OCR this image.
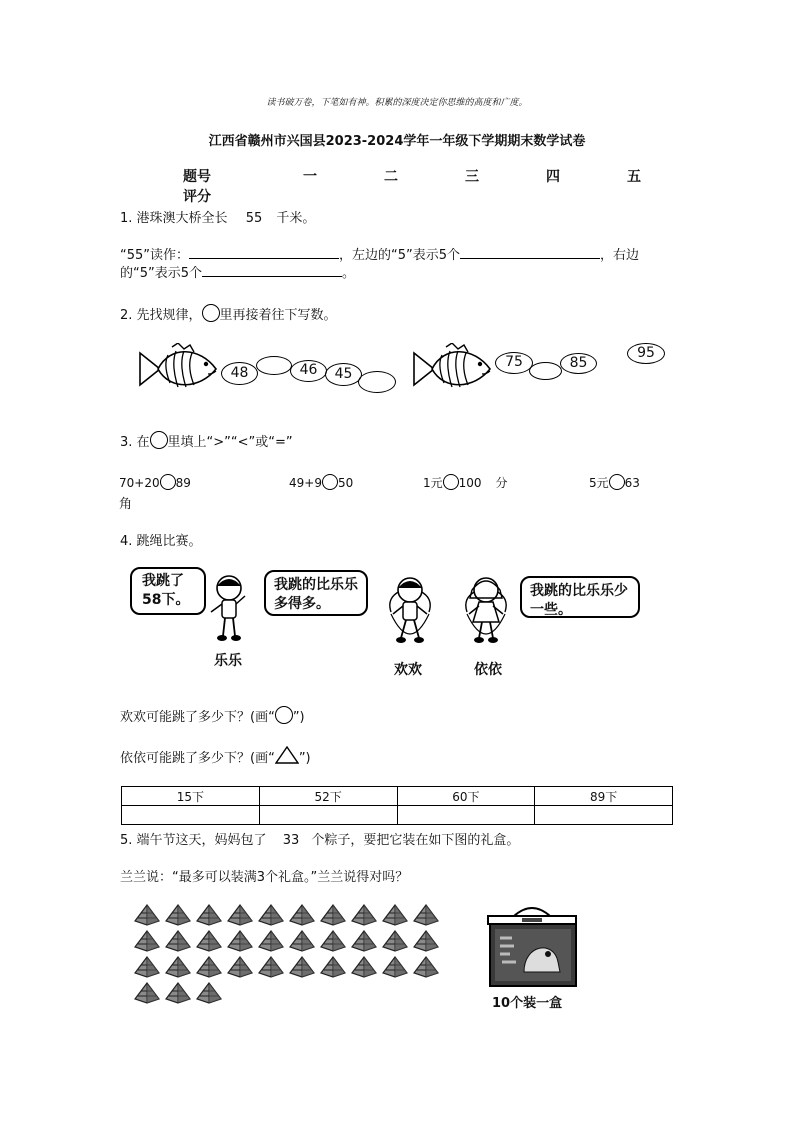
读书破万卷，下笔如有神。积累的深度决定你思维的高度和广度。
江西省赣州市兴国县2023-2024学年一年级下学期期末数学试卷
题号	一	二	三	四	五
评分
1. 港珠澳大桥全长 55 千米。
“55”读作：	，左边的“5”表示5个	，右边
的“5”表示5个	。
2. 先找规律， 里再接着往下写数。
48	46	45
75	85
95
3. 在 里填上“>”“<”或“=”
70+20 89	49+9 50	1元 100 分	5元 63
角
4. 跳绳比赛。
我跳了58下。
我跳的比乐乐多得多。
我跳的比乐乐少一些。
乐乐
欢欢	依依
欢欢可能跳了多少下？(画“ ”)
依依可能跳了多少下？(画“ ”)
15下	52下	60下	89下

5. 端午节这天，妈妈包了 33 个粽子，要把它装在如下图的礼盒。
兰兰说：“最多可以装满3个礼盒。”兰兰说得对吗？
10个装一盒
